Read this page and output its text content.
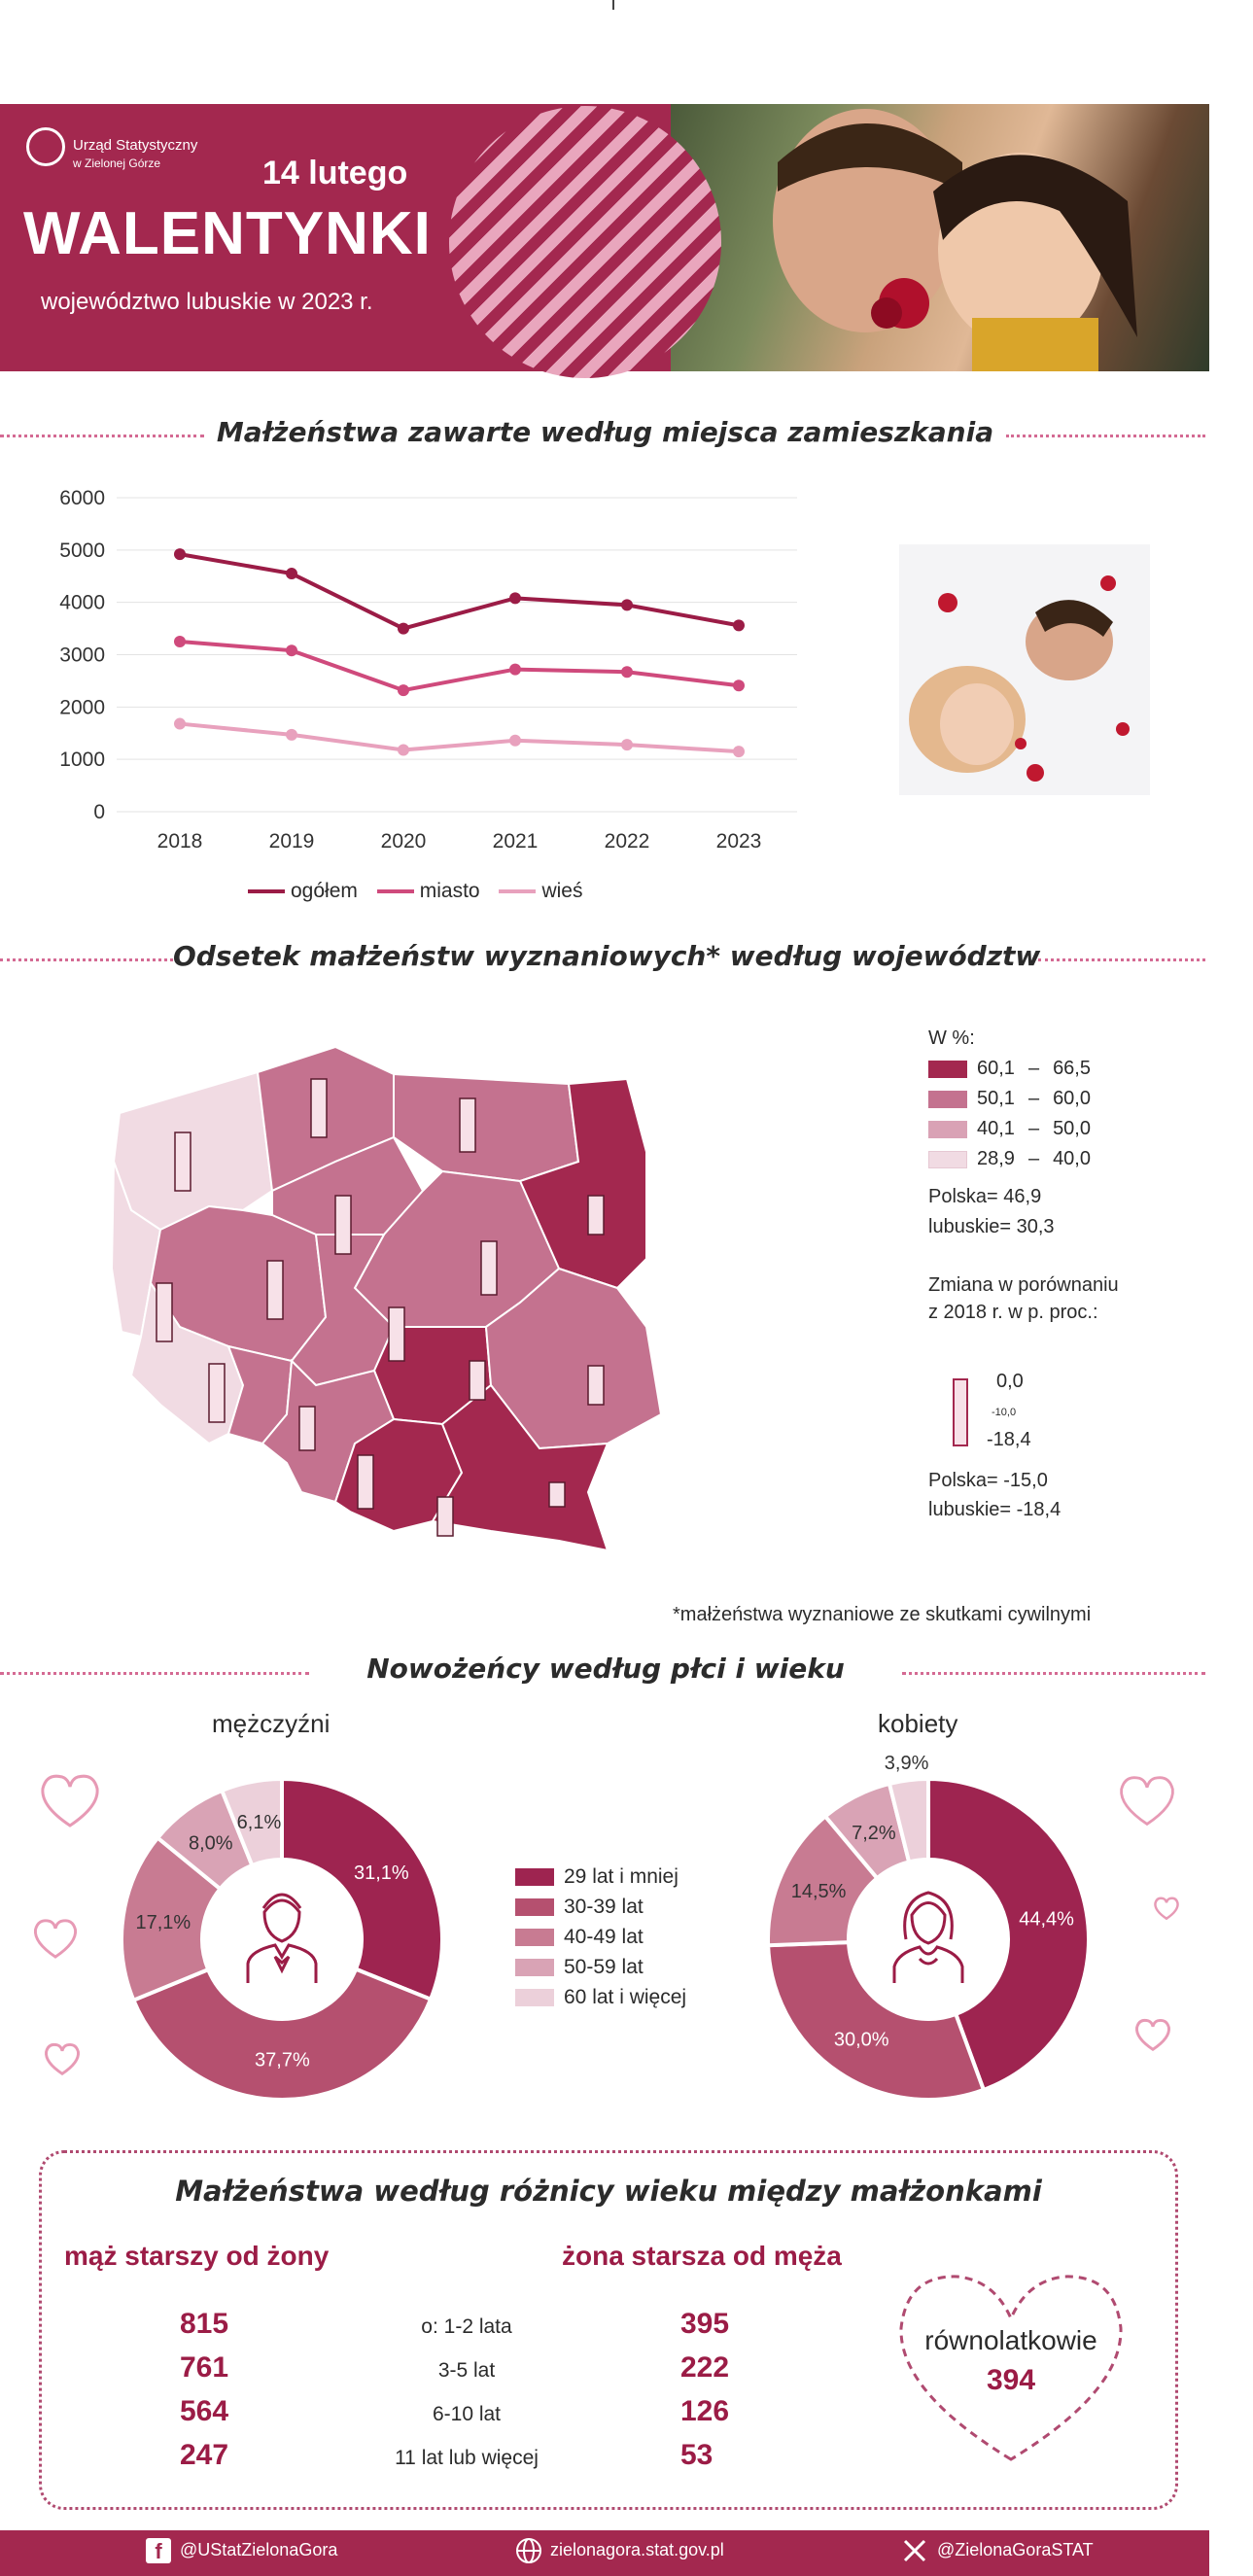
Urząd Statystyczny
w Zielonej Górze	14 lutego
WALENTYNKI
województwo lubuskie w 2023 r.
Małżeństwa zawarte według miejsca zamieszkania
0
1000
2000
3000
4000
5000
6000
2018	2019	2020	2021	2022	2023
ogółem	miasto	wieś
Odsetek małżeństw wyznaniowych* według województw
W %:
60,1 – 66,5
50,1 – 60,0
40,1 – 50,0
28,9 – 40,0
Polska= 46,9
lubuskie= 30,3
Zmiana w porównaniu
z 2018 r. w p. proc.:
0,0
-10,0
-18,4
Polska= -15,0
lubuskie= -18,4
*małżeństwa wyznaniowe ze skutkami cywilnymi
Nowożeńcy według płci i wieku
mężczyźni	kobiety
31,1%
37,7%
17,1%
8,0%
6,1%
44,4%
30,0%
14,5%
7,2%
3,9%
29 lat i mniej
30-39 lat
40-49 lat
50-59 lat
60 lat i więcej
Małżeństwa według różnicy wieku między małżonkami
mąż starszy od żony	żona starsza od męża
815	o: 1-2 lata	395
761	3-5 lat	222
564	6-10 lat	126
247	11 lat lub więcej	53
równolatkowie
394
f	@UStatZielonaGora	zielonagora.stat.gov.pl	@ZielonaGoraSTAT
